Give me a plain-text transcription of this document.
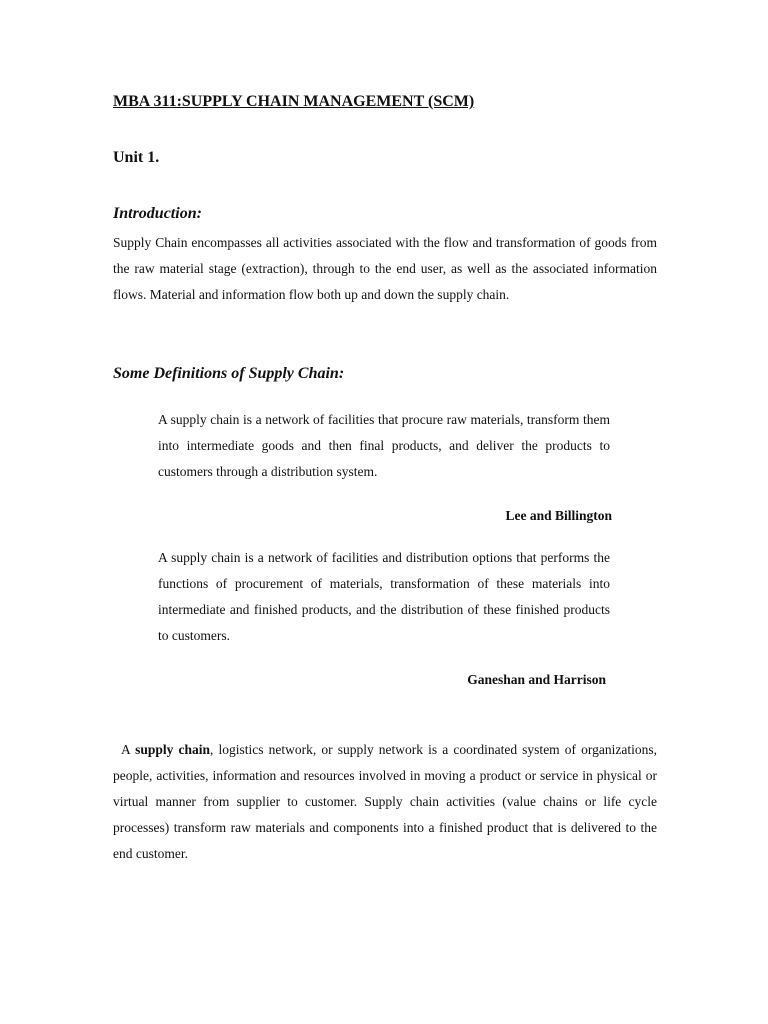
MBA 311:SUPPLY CHAIN MANAGEMENT (SCM)
Unit 1.
Introduction:

Supply Chain encompasses all activities associated with the flow and transformation of goods from the raw material stage (extraction), through to the end user, as well as the associated information flows. Material and information flow both up and down the supply chain.

Some Definitions of Supply Chain:

A supply chain is a network of facilities that procure raw materials, transform them into intermediate goods and then final products, and deliver the products to customers through a distribution system.

Lee and Billington

A supply chain is a network of facilities and distribution options that performs the functions of procurement of materials, transformation of these materials into intermediate and finished products, and the distribution of these finished products to customers.

Ganeshan and Harrison

A supply chain, logistics network, or supply network is a coordinated system of organizations, people, activities, information and resources involved in moving a product or service in physical or virtual manner from supplier to customer. Supply chain activities (value chains or life cycle processes) transform raw materials and components into a finished product that is delivered to the end customer.
